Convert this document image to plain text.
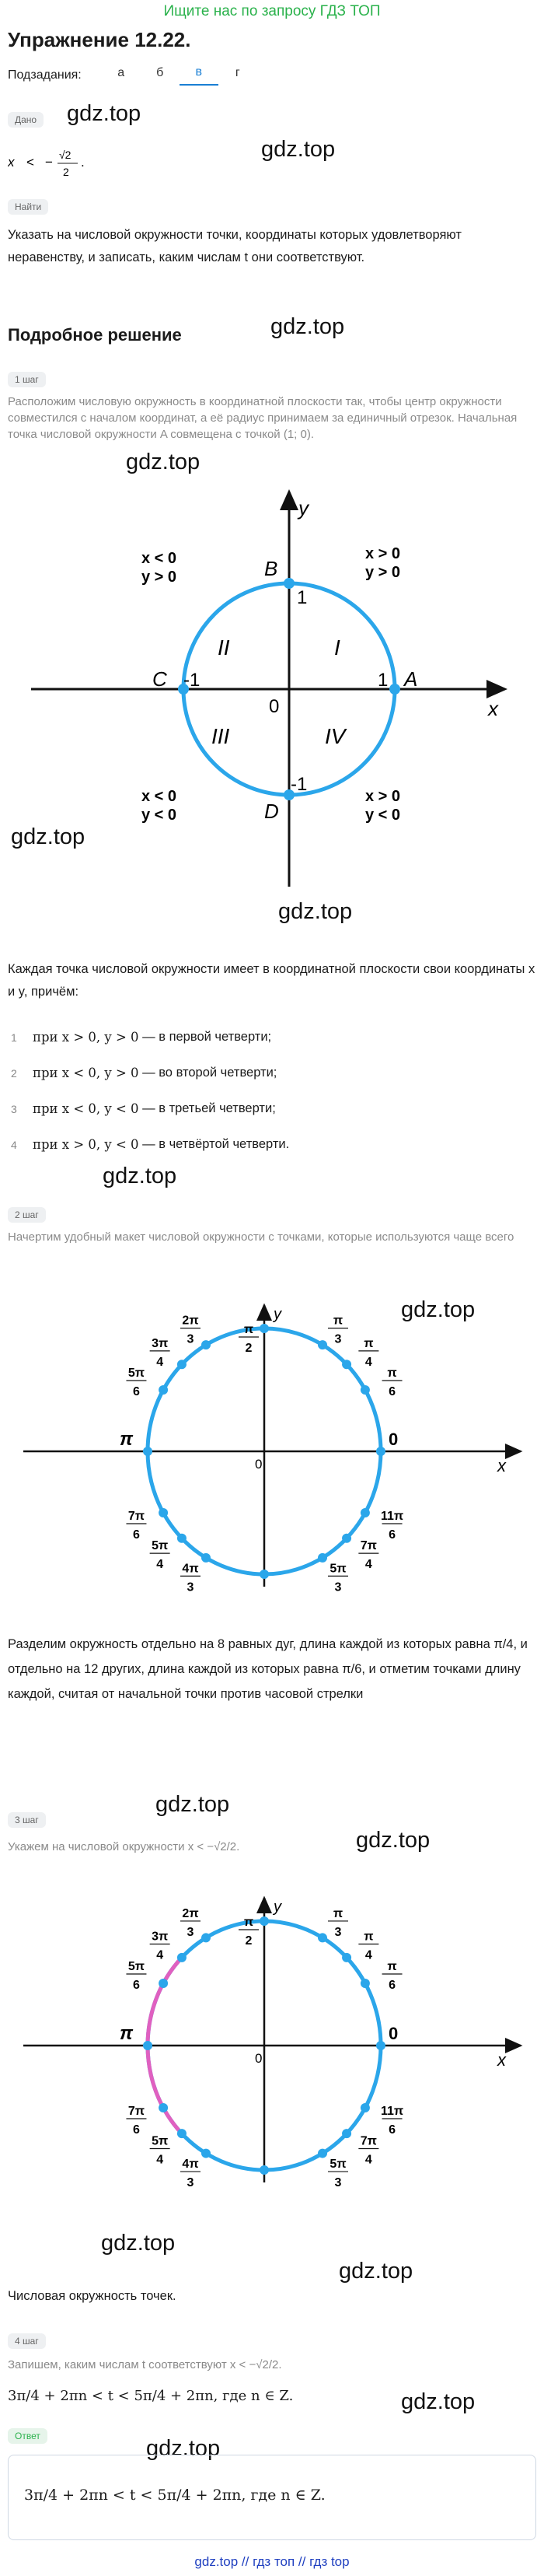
Ищите нас по запросу ГДЗ ТОП
Упражнение 12.22.
Подзадания:	а	б	в	г
Дано	gdz.top
gdz.top
x < − √2
2
.
Найти
Указать на числовой окружности точки, координаты которых удовлетворяют неравенству, и записать, каким числам t они соответствуют.
gdz.top
Подробное решение
1 шаг
Расположим числовую окружность в координатной плоскости так, чтобы центр окружности совместился с началом координат, а её радиус принимаем за единичный отрезок. Начальная точка числовой окружности A совмещена с точкой (1; 0).
gdz.top
x
y
A
B
C
D
1
-1
1
-1
0
I
II
III	IV
x > 0
y > 0
x < 0
y > 0
x < 0
y < 0
x > 0
y < 0
gdz.top
gdz.top
Каждая точка числовой окружности имеет в координатной плоскости свои координаты x и y, причём:
1	при x > 0, y > 0
— в первой четверти;
2	при x < 0, y > 0
— во второй четверти;
3	при x < 0, y < 0
— в третьей четверти;
4	при x > 0, y < 0
— в четвёртой четверти.
gdz.top
2 шаг
Начертим удобный макет числовой окружности с точками, которые используются чаще всего
0
π
0	x
y
π
2
π
3 π
4
π
6
2π
3
3π
4
5π
6
7π
6
5π
4 4π
3
11π
6
7π
4
5π
3
gdz.top
Разделим окружность отдельно на 8 равных дуг, длина каждой из которых равна π/4, и отдельно на 12 других, длина каждой из которых равна π/6, и отметим точками длину каждой, считая от начальной точки против часовой стрелки
gdz.top
3 шаг
gdz.top
Укажем на числовой окружности x < −√2/2.
0
π
0	x
y
π
2
π
3 π
4
π
6
2π
3
3π
4
5π
6
7π
6
5π
4 4π
3
11π
6
7π
4
5π
3
gdz.top
gdz.top
Числовая окружность точек.
4 шаг
Запишем, каким числам t соответствуют x < −√2/2.
3π/4 + 2πn < t < 5π/4 + 2πn, где n ∈ Z.	gdz.top
gdz.top
Ответ
3π/4 + 2πn < t < 5π/4 + 2πn, где n ∈ Z.
gdz.top // гдз топ // гдз top
